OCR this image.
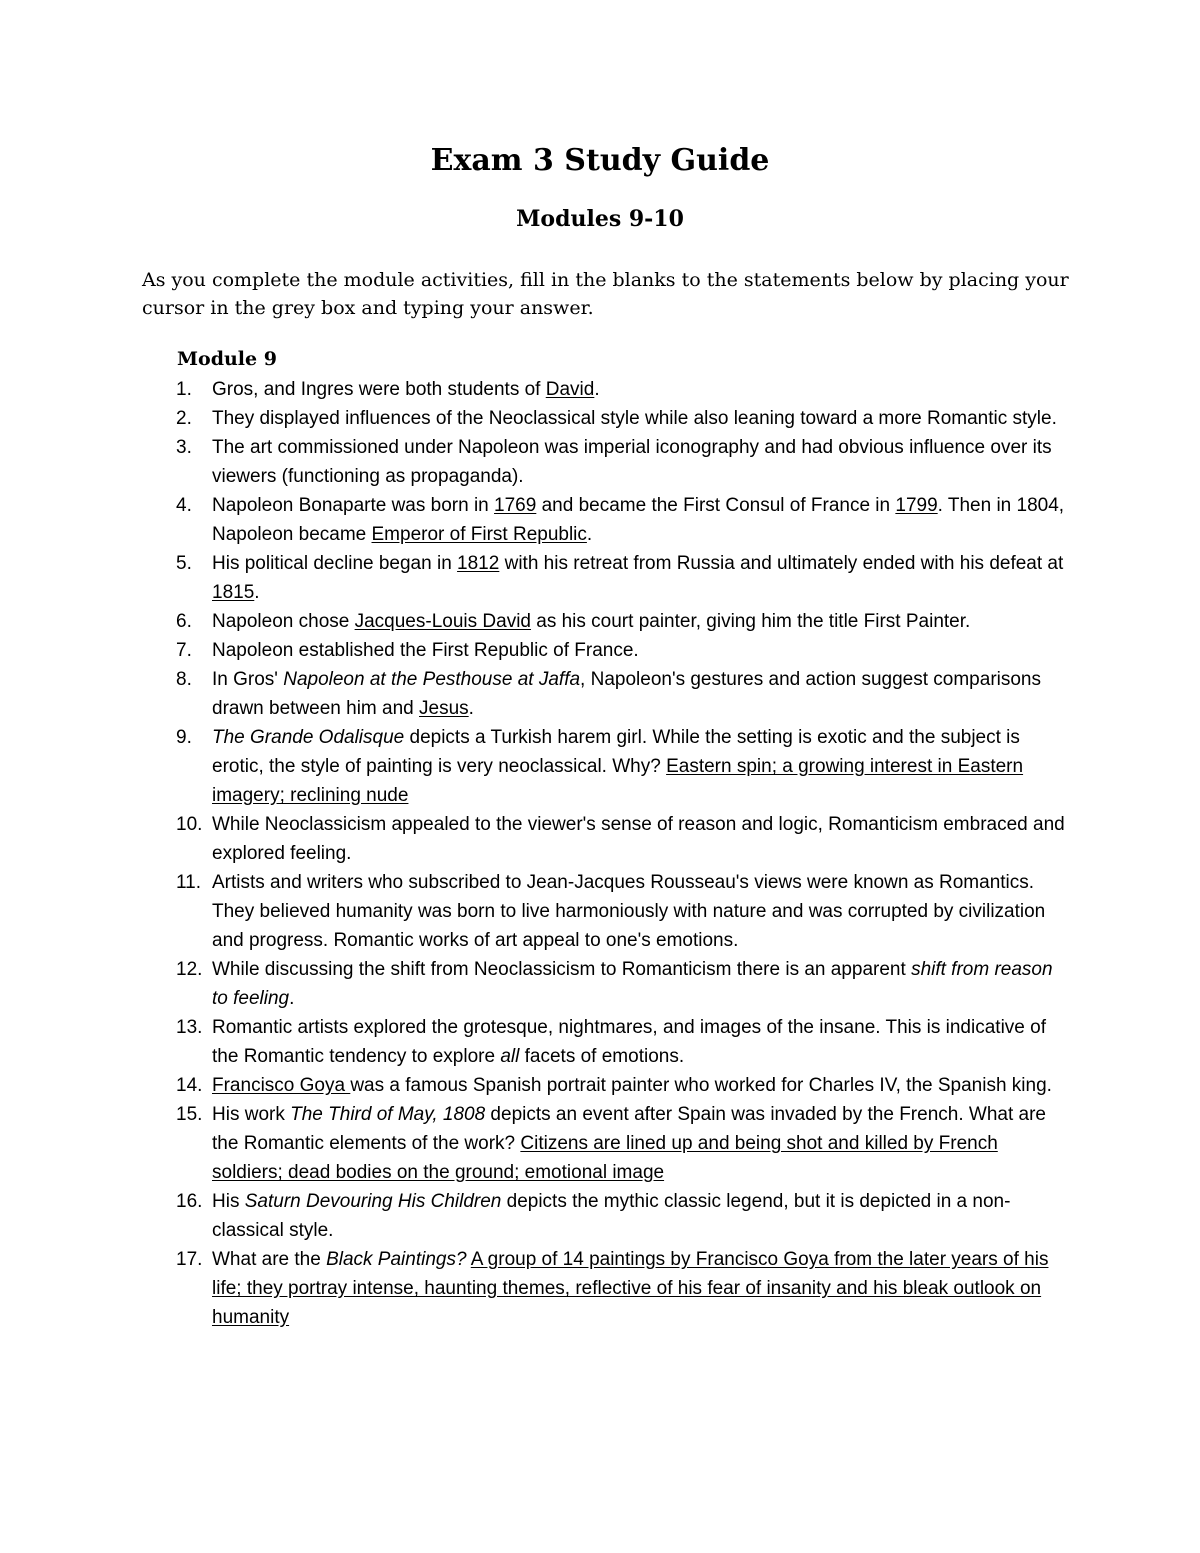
Exam 3 Study Guide
Modules 9-10
As you complete the module activities, fill in the blanks to the statements below by placing your cursor in the grey box and typing your answer.
Module 9
1.	Gros, and Ingres were both students of David.
2.	They displayed influences of the Neoclassical style while also leaning toward a more Romantic style.
3.	The art commissioned under Napoleon was imperial iconography and had obvious influence over its viewers (functioning as propaganda).
4.	Napoleon Bonaparte was born in 1769 and became the First Consul of France in 1799. Then in 1804, Napoleon became Emperor of First Republic.
5.	His political decline began in 1812 with his retreat from Russia and ultimately ended with his defeat at 1815.
6.	Napoleon chose Jacques-Louis David as his court painter, giving him the title First Painter.
7.	Napoleon established the First Republic of France.
8.	In Gros' Napoleon at the Pesthouse at Jaffa, Napoleon's gestures and action suggest comparisons drawn between him and Jesus.
9.	The Grande Odalisque depicts a Turkish harem girl. While the setting is exotic and the subject is erotic, the style of painting is very neoclassical. Why? Eastern spin; a growing interest in Eastern imagery; reclining nude
10. While Neoclassicism appealed to the viewer's sense of reason and logic, Romanticism embraced and explored feeling.
11. Artists and writers who subscribed to Jean-Jacques Rousseau's views were known as Romantics. They believed humanity was born to live harmoniously with nature and was corrupted by civilization and progress. Romantic works of art appeal to one's emotions.
12. While discussing the shift from Neoclassicism to Romanticism there is an apparent shift from reason to feeling.
13. Romantic artists explored the grotesque, nightmares, and images of the insane. This is indicative of the Romantic tendency to explore all facets of emotions.
14. Francisco Goya was a famous Spanish portrait painter who worked for Charles IV, the Spanish king.
15. His work The Third of May, 1808 depicts an event after Spain was invaded by the French. What are the Romantic elements of the work? Citizens are lined up and being shot and killed by French soldiers; dead bodies on the ground; emotional image
16. His Saturn Devouring His Children depicts the mythic classic legend, but it is depicted in a non-classical style.
17. What are the Black Paintings? A group of 14 paintings by Francisco Goya from the later years of his life; they portray intense, haunting themes, reflective of his fear of insanity and his bleak outlook on humanity
